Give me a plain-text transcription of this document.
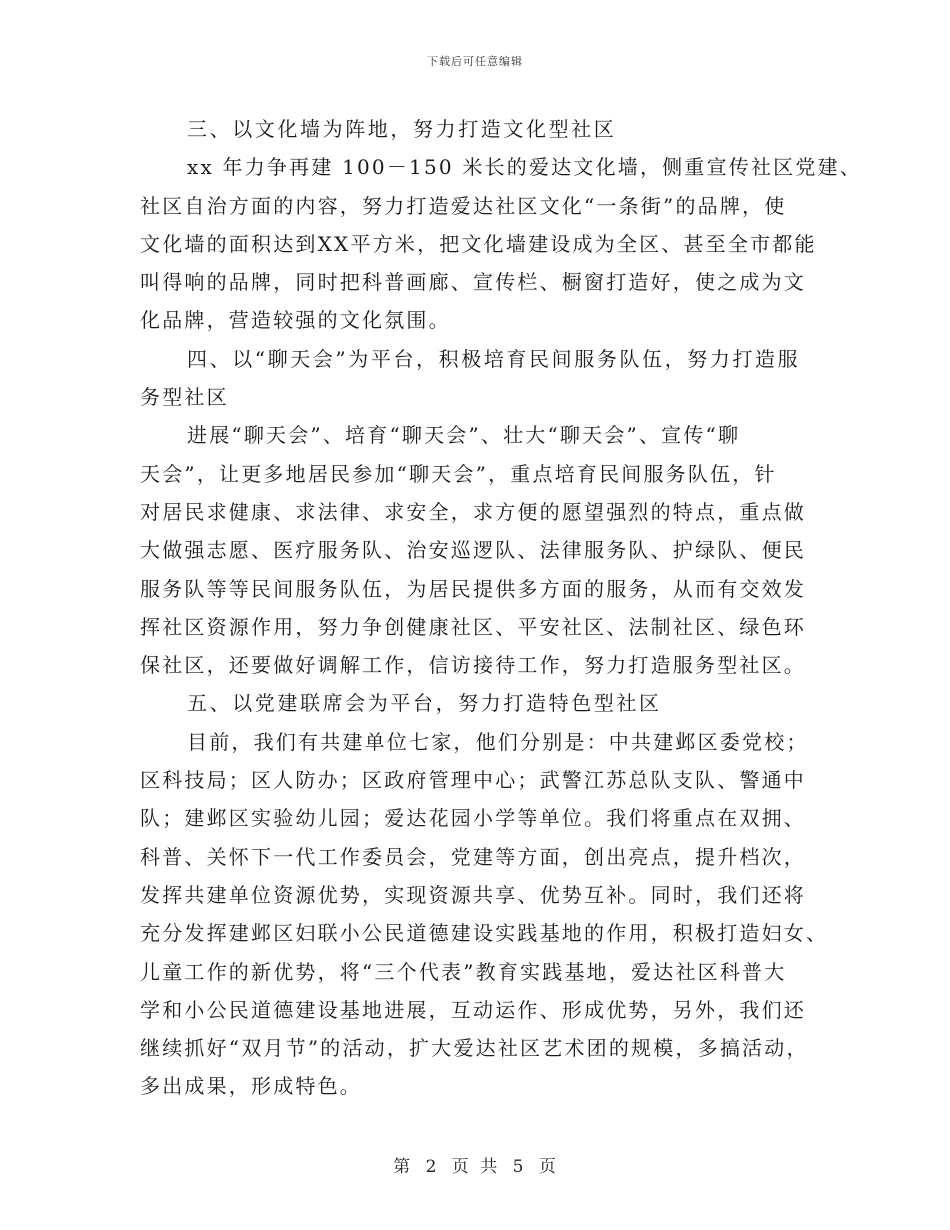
下载后可任意编辑
三、以文化墙为阵地，努力打造文化型社区
xx 年力争再建 100－150 米长的爱达文化墙，侧重宣传社区党建、
社区自治方面的内容，努力打造爱达社区文化“一条街”的品牌，使
文化墙的面积达到XX平方米，把文化墙建设成为全区、甚至全市都能
叫得响的品牌，同时把科普画廊、宣传栏、橱窗打造好，使之成为文
化品牌，营造较强的文化氛围。
四、以“聊天会”为平台，积极培育民间服务队伍，努力打造服
务型社区
进展“聊天会”、培育“聊天会”、壮大“聊天会”、宣传“聊
天会”，让更多地居民参加“聊天会”，重点培育民间服务队伍，针
对居民求健康、求法律、求安全，求方便的愿望强烈的特点，重点做
大做强志愿、医疗服务队、治安巡逻队、法律服务队、护绿队、便民
服务队等等民间服务队伍，为居民提供多方面的服务，从而有交效发
挥社区资源作用，努力争创健康社区、平安社区、法制社区、绿色环
保社区，还要做好调解工作，信访接待工作，努力打造服务型社区。
五、以党建联席会为平台，努力打造特色型社区
目前，我们有共建单位七家，他们分别是：中共建邺区委党校；
区科技局；区人防办；区政府管理中心；武警江苏总队支队、警通中
队；建邺区实验幼儿园；爱达花园小学等单位。我们将重点在双拥、
科普、关怀下一代工作委员会，党建等方面，创出亮点，提升档次，
发挥共建单位资源优势，实现资源共享、优势互补。同时，我们还将
充分发挥建邺区妇联小公民道德建设实践基地的作用，积极打造妇女、
儿童工作的新优势，将“三个代表”教育实践基地，爱达社区科普大
学和小公民道德建设基地进展，互动运作、形成优势，另外，我们还
继续抓好“双月节”的活动，扩大爱达社区艺术团的规模，多搞活动，
多出成果，形成特色。
第 2 页 共 5 页
